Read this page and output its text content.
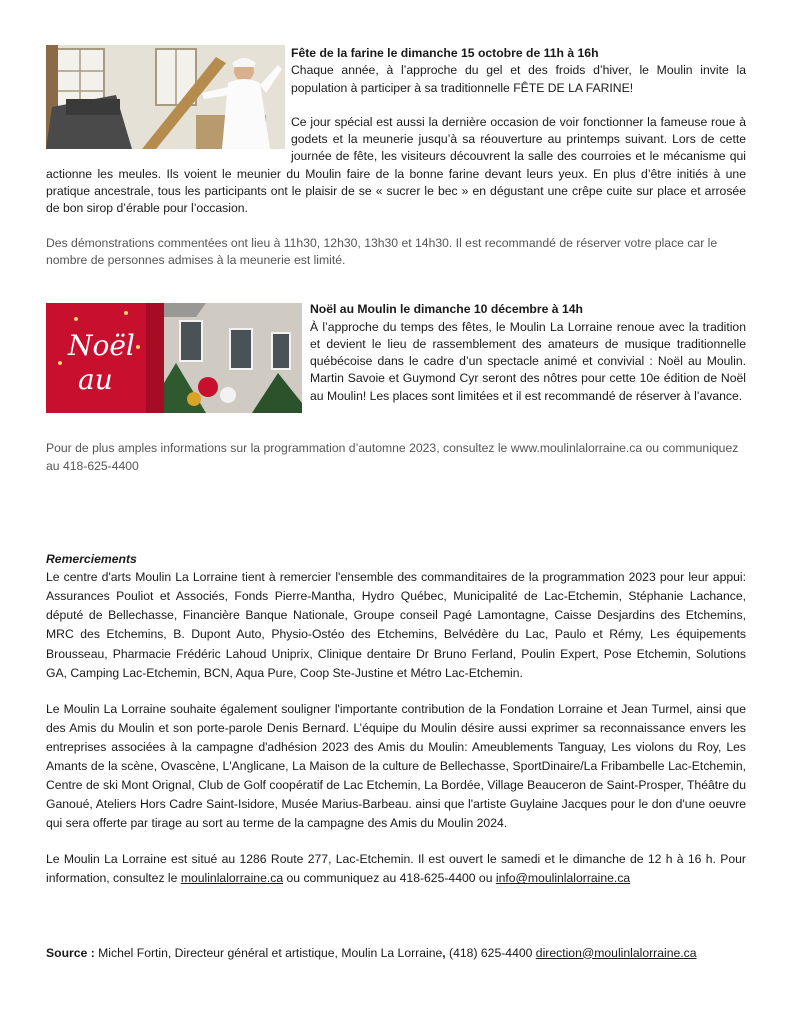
Fête de la farine le dimanche 15 octobre de 11h à 16h

Chaque année, à l’approche du gel et des froids d’hiver, le Moulin invite la population à participer à sa traditionnelle FÊTE DE LA FARINE!

Ce jour spécial est aussi la dernière occasion de voir fonctionner la fameuse roue à godets et la meunerie jusqu’à sa réouverture au printemps suivant. Lors de cette journée de fête, les visiteurs découvrent la salle des courroies et le mécanisme qui actionne les meules. Ils voient le meunier du Moulin faire de la bonne farine devant leurs yeux. En plus d’être initiés à une pratique ancestrale, tous les participants ont le plaisir de se « sucrer le bec » en dégustant une crêpe cuite sur place et arrosée de bon sirop d’érable pour l’occasion.

Des démonstrations commentées ont lieu à 11h30, 12h30, 13h30 et 14h30. Il est recommandé de réserver votre place car le nombre de personnes admises à la meunerie est limité.

Noël
au
Noël au Moulin le dimanche 10 décembre à 14h

À l’approche du temps des fêtes, le Moulin La Lorraine renoue avec la tradition et devient le lieu de rassemblement des amateurs de musique traditionnelle québécoise dans le cadre d’un spectacle animé et convivial : Noël au Moulin. Martin Savoie et Guymond Cyr seront des nôtres pour cette 10e édition de Noël au Moulin! Les places sont limitées et il est recommandé de réserver à l’avance.

Pour de plus amples informations sur la programmation d’automne 2023, consultez le www.moulinlalorraine.ca ou communiquez au 418-625-4400

Remerciements

Le centre d'arts Moulin La Lorraine tient à remercier l'ensemble des commanditaires de la programmation 2023 pour leur appui: Assurances Pouliot et Associés, Fonds Pierre-Mantha, Hydro Québec, Municipalité de Lac-Etchemin, Stéphanie Lachance, député de Bellechasse, Financière Banque Nationale, Groupe conseil Pagé Lamontagne, Caisse Desjardins des Etchemins, MRC des Etchemins, B. Dupont Auto, Physio-Ostéo des Etchemins, Belvédère du Lac, Paulo et Rémy, Les équipements Brousseau, Pharmacie Frédéric Lahoud Uniprix, Clinique dentaire Dr Bruno Ferland, Poulin Expert, Pose Etchemin, Solutions GA, Camping Lac-Etchemin, BCN, Aqua Pure, Coop Ste-Justine et Métro Lac-Etchemin.

Le Moulin La Lorraine souhaite également souligner l'importante contribution de la Fondation Lorraine et Jean Turmel, ainsi que des Amis du Moulin et son porte-parole Denis Bernard. L’équipe du Moulin désire aussi exprimer sa reconnaissance envers les entreprises associées à la campagne d'adhésion 2023 des Amis du Moulin: Ameublements Tanguay, Les violons du Roy, Les Amants de la scène, Ovascène, L'Anglicane, La Maison de la culture de Bellechasse, SportDinaire/La Fribambelle Lac-Etchemin, Centre de ski Mont Orignal, Club de Golf coopératif de Lac Etchemin, La Bordée, Village Beauceron de Saint-Prosper, Théâtre du Ganoué, Ateliers Hors Cadre Saint-Isidore, Musée Marius-Barbeau. ainsi que l'artiste Guylaine Jacques pour le don d'une oeuvre qui sera offerte par tirage au sort au terme de la campagne des Amis du Moulin 2024.

Le Moulin La Lorraine est situé au 1286 Route 277, Lac-Etchemin. Il est ouvert le samedi et le dimanche de 12 h à 16 h. Pour information, consultez le moulinlalorraine.ca ou communiquez au 418-625-4400 ou info@moulinlalorraine.ca

Source : Michel Fortin, Directeur général et artistique, Moulin La Lorraine, (418) 625-4400 direction@moulinlalorraine.ca
